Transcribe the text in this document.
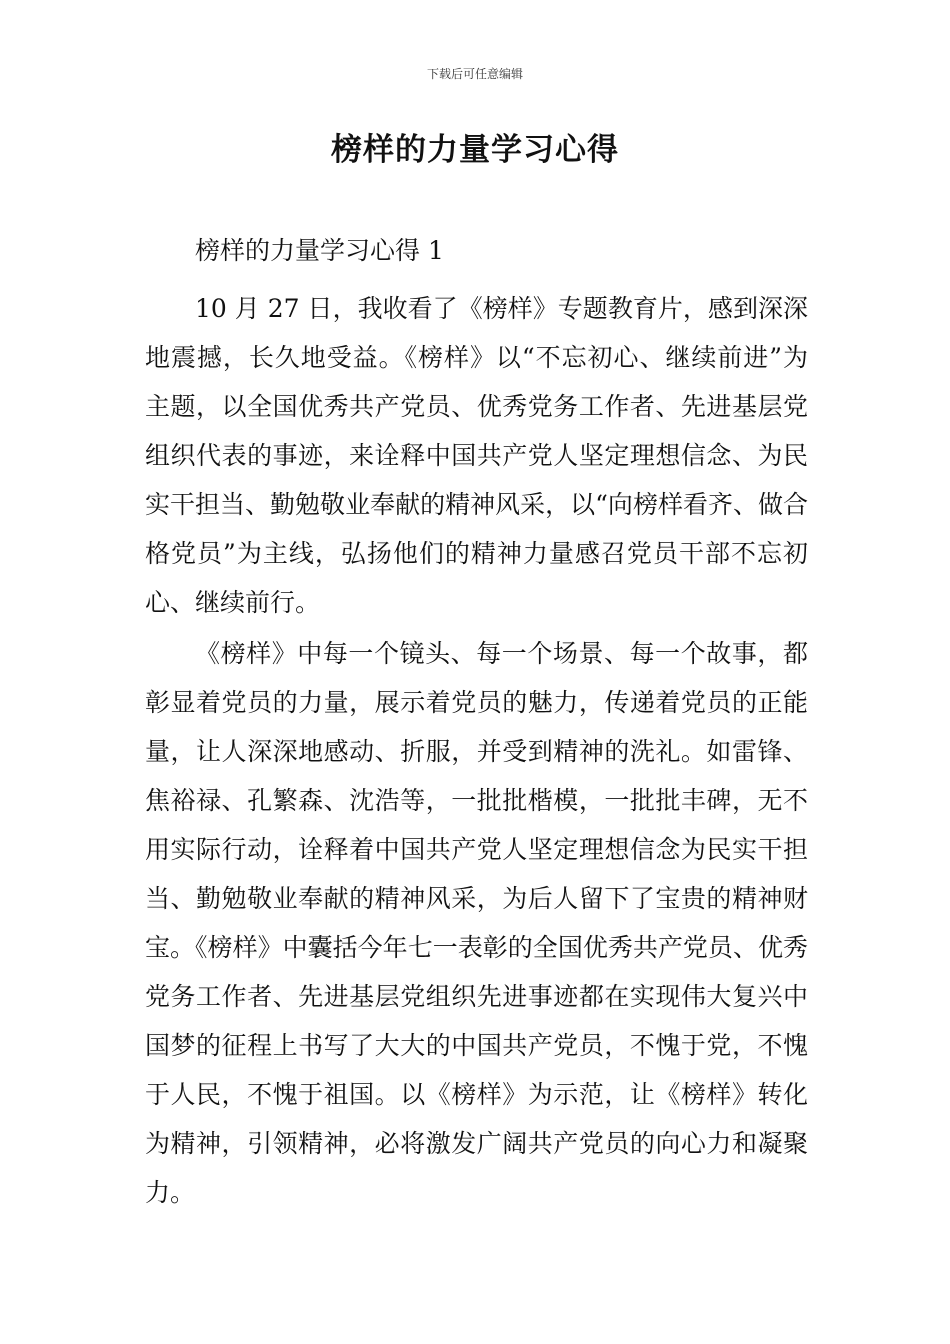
下载后可任意编辑
榜样的力量学习心得

榜样的力量学习心得 1

10 月 27 日，我收看了《榜样》专题教育片，感到深深地震撼，长久地受益。《榜样》以“不忘初心、继续前进”为主题，以全国优秀共产党员、优秀党务工作者、先进基层党组织代表的事迹，来诠释中国共产党人坚定理想信念、为民实干担当、勤勉敬业奉献的精神风采，以“向榜样看齐、做合格党员”为主线，弘扬他们的精神力量感召党员干部不忘初心、继续前行。

《榜样》中每一个镜头、每一个场景、每一个故事，都彰显着党员的力量，展示着党员的魅力，传递着党员的正能量，让人深深地感动、折服，并受到精神的洗礼。如雷锋、焦裕禄、孔繁森、沈浩等，一批批楷模，一批批丰碑，无不用实际行动，诠释着中国共产党人坚定理想信念为民实干担当、勤勉敬业奉献的精神风采，为后人留下了宝贵的精神财宝。《榜样》中囊括今年七一表彰的全国优秀共产党员、优秀党务工作者、先进基层党组织先进事迹都在实现伟大复兴中国梦的征程上书写了大大的中国共产党员，不愧于党，不愧于人民，不愧于祖国。以《榜样》为示范，让《榜样》转化为精神，引领精神，必将激发广阔共产党员的向心力和凝聚力。
